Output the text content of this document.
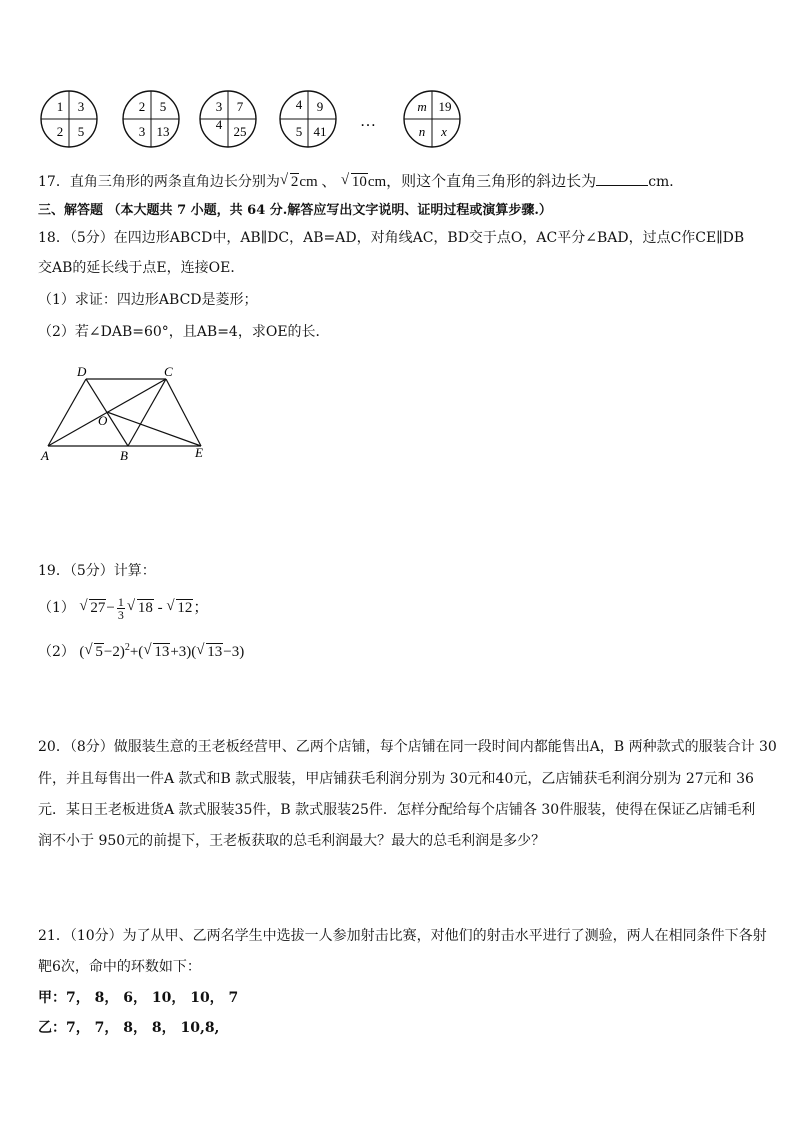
1 3
2 5
2 5
3 13
3 7
4 25
4 9
5 41
…
m 19
n x
17．直角三角形的两条直角边长分别为 √ 2cm 、 √ 10cm，则这个直角三角形的斜边长为	cm．
三、解答题 （本大题共 7 小题，共 64 分.解答应写出文字说明、证明过程或演算步骤.）
18．（5分）在四边形ABCD中，AB∥DC，AB=AD，对角线AC，BD交于点O，AC平分∠BAD，过点C作CE∥DB
交AB的延长线于点E，连接OE．
（1）求证：四边形ABCD是菱形；
（2）若∠DAB=60°，且AB=4，求OE的长．
D	C
O
A	B	E
19．（5分）计算：
（1） √ $27- \frac{1}{3}$ √ 18 - √ 12；
（2） ( √ 5−2)$^2$+( √ 13+3)( √ 13−3)
20．（8分）做服装生意的王老板经营甲、乙两个店铺，每个店铺在同一段时间内都能售出A，B 两种款式的服装合计 30
件，并且每售出一件A 款式和B 款式服装，甲店铺获毛利润分别为 30元和40元，乙店铺获毛利润分别为 27元和 36
元．某日王老板进货A 款式服装35件，B 款式服装25件．怎样分配给每个店铺各 30件服装，使得在保证乙店铺毛利
润不小于 950元的前提下，王老板获取的总毛利润最大？最大的总毛利润是多少？
21．（10分）为了从甲、乙两名学生中选拔一人参加射击比赛，对他们的射击水平进行了测验，两人在相同条件下各射
靶6次，命中的环数如下：
甲：7， 8， 6， 10， 10， 7
乙：7， 7， 8， 8， 10,8,
